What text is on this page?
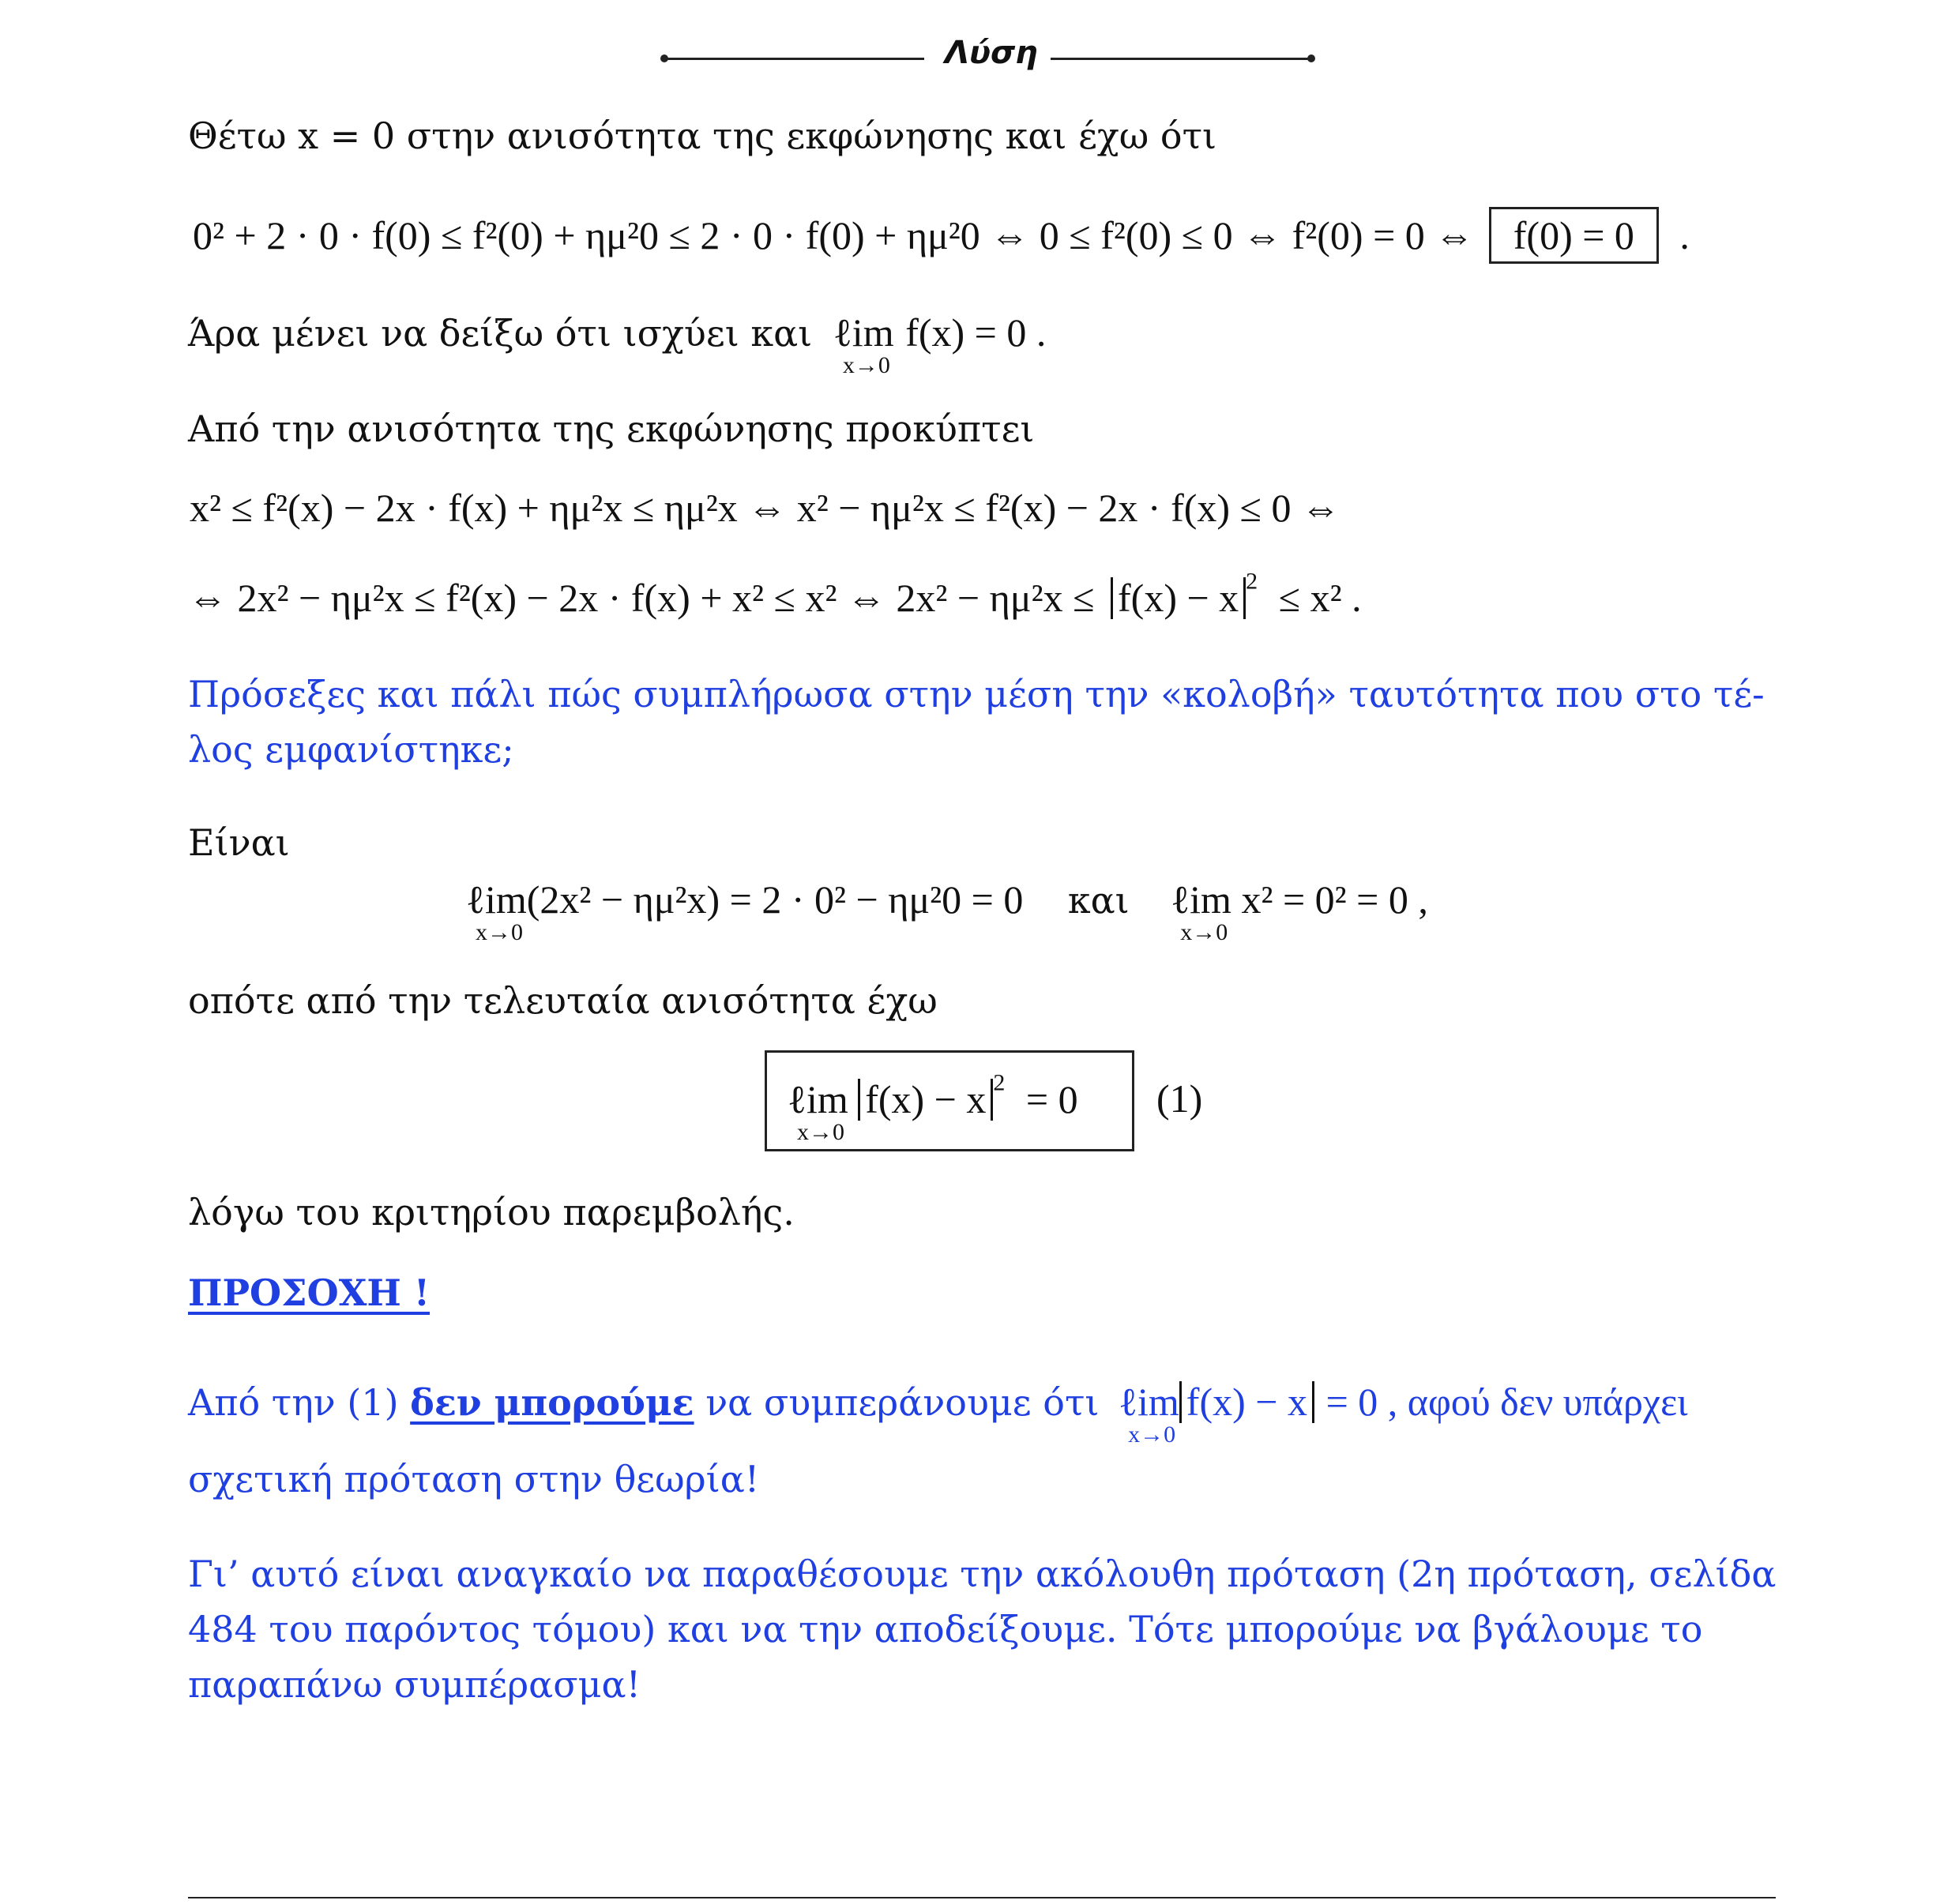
Λύση
Θέτω x = 0 στην ανισότητα της εκφώνησης και έχω ότι
0² + 2 · 0 · f(0) ≤ f²(0) + ημ²0 ≤ 2 · 0 · f(0) + ημ²0 ⇔ 0 ≤ f²(0) ≤ 0 ⇔ f²(0) = 0 ⇔ f(0) = 0 .
Άρα μένει να δείξω ότι ισχύει και ℓim
x→0
f(x) = 0 .
Από την ανισότητα της εκφώνησης προκύπτει
x² ≤ f²(x) − 2x · f(x) + ημ²x ≤ ημ²x ⇔ x² − ημ²x ≤ f²(x) − 2x · f(x) ≤ 0 ⇔
⇔ 2x² − ημ²x ≤ f²(x) − 2x · f(x) + x² ≤ x² ⇔ 2x² − ημ²x ≤ f(x) − x $^2$ ≤ x² .
Πρόσεξες και πάλι πώς συμπλήρωσα στην μέση την «κολοβή» ταυτότητα που στο τέ-
λος εμφανίστηκε;
Είναι
ℓim
x→0
(2x² − ημ²x) = 2 · 0² − ημ²0 = 0 και ℓim
x→0
x² = 0² = 0 ,
οπότε από την τελευταία ανισότητα έχω
ℓim
x→0
f(x) − x $^2$ = 0 (1)
λόγω του κριτηρίου παρεμβολής.
ΠΡΟΣΟΧΗ !
Από την (1) δεν μπορούμε να συμπεράνουμε ότι ℓim
x→0
f(x) − x = 0 , αφού δεν υπάρχει
σχετική πρόταση στην θεωρία!
Γι’ αυτό είναι αναγκαίο να παραθέσουμε την ακόλουθη πρόταση (2η πρόταση, σελίδα
484 του παρόντος τόμου) και να την αποδείξουμε. Τότε μπορούμε να βγάλουμε το
παραπάνω συμπέρασμα!
